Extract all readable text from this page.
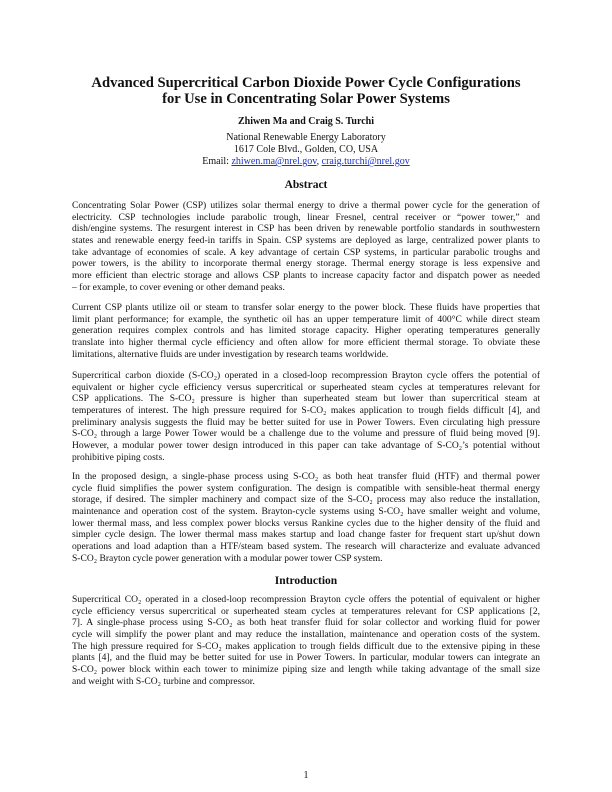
Advanced Supercritical Carbon Dioxide Power Cycle Configurations
for Use in Concentrating Solar Power Systems
Zhiwen Ma and Craig S. Turchi
National Renewable Energy Laboratory
1617 Cole Blvd., Golden, CO, USA
Email: zhiwen.ma@nrel.gov, craig.turchi@nrel.gov
Abstract
Concentrating Solar Power (CSP) utilizes solar thermal energy to drive a thermal power cycle for the generation of
electricity. CSP technologies include parabolic trough, linear Fresnel, central receiver or “power tower,” and
dish/engine systems. The resurgent interest in CSP has been driven by renewable portfolio standards in southwestern
states and renewable energy feed-in tariffs in Spain. CSP systems are deployed as large, centralized power plants to
take advantage of economies of scale. A key advantage of certain CSP systems, in particular parabolic troughs and
power towers, is the ability to incorporate thermal energy storage. Thermal energy storage is less expensive and
more efficient than electric storage and allows CSP plants to increase capacity factor and dispatch power as needed
– for example, to cover evening or other demand peaks.
Current CSP plants utilize oil or steam to transfer solar energy to the power block. These fluids have properties that
limit plant performance; for example, the synthetic oil has an upper temperature limit of 400°C while direct steam
generation requires complex controls and has limited storage capacity. Higher operating temperatures generally
translate into higher thermal cycle efficiency and often allow for more efficient thermal storage. To obviate these
limitations, alternative fluids are under investigation by research teams worldwide.
Supercritical carbon dioxide (S-CO₂) operated in a closed-loop recompression Brayton cycle offers the potential of
equivalent or higher cycle efficiency versus supercritical or superheated steam cycles at temperatures relevant for
CSP applications. The S-CO₂ pressure is higher than superheated steam but lower than supercritical steam at
temperatures of interest. The high pressure required for S-CO₂ makes application to trough fields difficult [4], and
preliminary analysis suggests the fluid may be better suited for use in Power Towers. Even circulating high pressure
S-CO₂ through a large Power Tower would be a challenge due to the volume and pressure of fluid being moved [9].
However, a modular power tower design introduced in this paper can take advantage of S-CO₂’s potential without
prohibitive piping costs.
In the proposed design, a single-phase process using S-CO₂ as both heat transfer fluid (HTF) and thermal power
cycle fluid simplifies the power system configuration. The design is compatible with sensible-heat thermal energy
storage, if desired. The simpler machinery and compact size of the S-CO₂ process may also reduce the installation,
maintenance and operation cost of the system. Brayton-cycle systems using S-CO₂ have smaller weight and volume,
lower thermal mass, and less complex power blocks versus Rankine cycles due to the higher density of the fluid and
simpler cycle design. The lower thermal mass makes startup and load change faster for frequent start up/shut down
operations and load adaption than a HTF/steam based system. The research will characterize and evaluate advanced
S-CO₂ Brayton cycle power generation with a modular power tower CSP system.
Introduction
Supercritical CO₂ operated in a closed-loop recompression Brayton cycle offers the potential of equivalent or higher
cycle efficiency versus supercritical or superheated steam cycles at temperatures relevant for CSP applications [2,
7]. A single-phase process using S-CO₂ as both heat transfer fluid for solar collector and working fluid for power
cycle will simplify the power plant and may reduce the installation, maintenance and operation costs of the system.
The high pressure required for S-CO₂ makes application to trough fields difficult due to the extensive piping in these
plants [4], and the fluid may be better suited for use in Power Towers. In particular, modular towers can integrate an
S-CO₂ power block within each tower to minimize piping size and length while taking advantage of the small size
and weight with S-CO₂ turbine and compressor.
1
